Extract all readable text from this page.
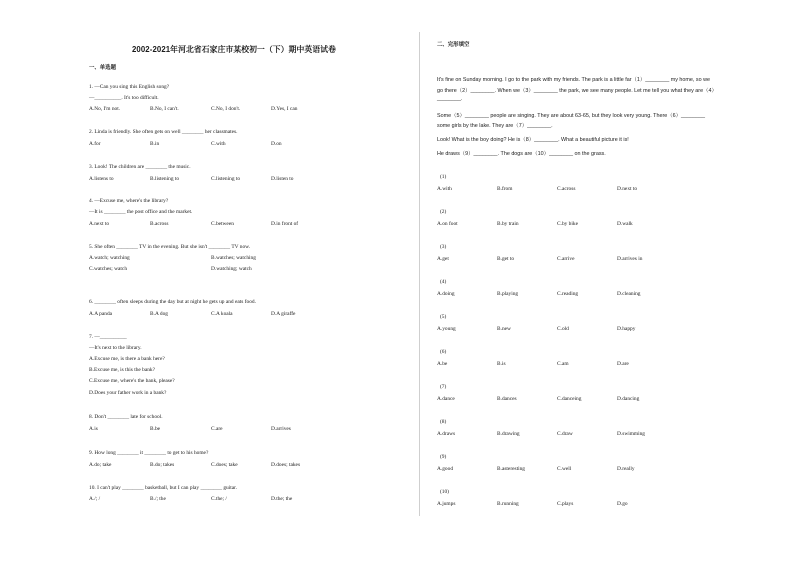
2002-2021年河北省石家庄市某校初一（下）期中英语试卷
一、单选题
1. —Can you sing this English song?
—__________. It's too difficult.
A.No, I'm not.	B.No, I can't.	C.No, I don't.	D.Yes, I can
2. Linda is friendly. She often gets on well ________ her classmates.
A.for	B.in	C.with	D.on
3. Look! The children are ________ the music.
A.listens to	B.listening to	C.listening to	D.listen to
4. —Excuse me, where's the library?
—It is ________ the post office and the market.
A.next to	B.across	C.between	D.in front of
5. She often ________ TV in the evening. But she isn't ________ TV now.
A.watch; watching	B.watches; watching
C.watches; watch	D.watching; watch
6. ________ often sleeps during the day but at night he gets up and eats food.
A.A panda	B.A dog	C.A koala	D.A giraffe
7. —__________
—It's next to the library.
A.Excuse me, is there a bank here?
B.Excuse me, is this the bank?
C.Excuse me, where's the bank, please?
D.Does your father work in a bank?
8. Don't ________ late for school.
A.is	B.be	C.are	D.arrives
9. How long ________ it ________ to get to his home?
A.do; take	B.do; takes	C.does; take	D.does; takes
10. I can't play ________ basketball, but I can play ________ guitar.
A./; /	B./; the	C.the; /	D.the; the
二、完形填空
It's fine on Sunday morning. I go to the park with my friends. The park is a little far（1）________ my home, so we
go there（2）________. When we（3）________ the park, we see many people. Let me tell you what they are（4）
________.
Some（5）________ people are singing. They are about 63-65, but they look very young. There（6）________
some girls by the lake. They are（7）________.
Look! What is the boy doing? He is（8）________. What a beautiful picture it is!
He draws（9）________. The dogs are（10）________ on the grass.
(1)
A.with	B.from	C.across	D.next to
(2)
A.on foot	B.by train	C.by bike	D.walk
(3)
A.get	B.get to	C.arrive	D.arrives in
(4)
A.doing	B.playing	C.reading	D.cleaning
(5)
A.young	B.new	C.old	D.happy
(6)
A.be	B.is	C.am	D.are
(7)
A.dance	B.dances	C.danceing	D.dancing
(8)
A.draws	B.drawing	C.draw	D.swimming
(9)
A.good	B.asteresting	C.well	D.really
(10)
A.jumps	B.running	C.plays	D.go
